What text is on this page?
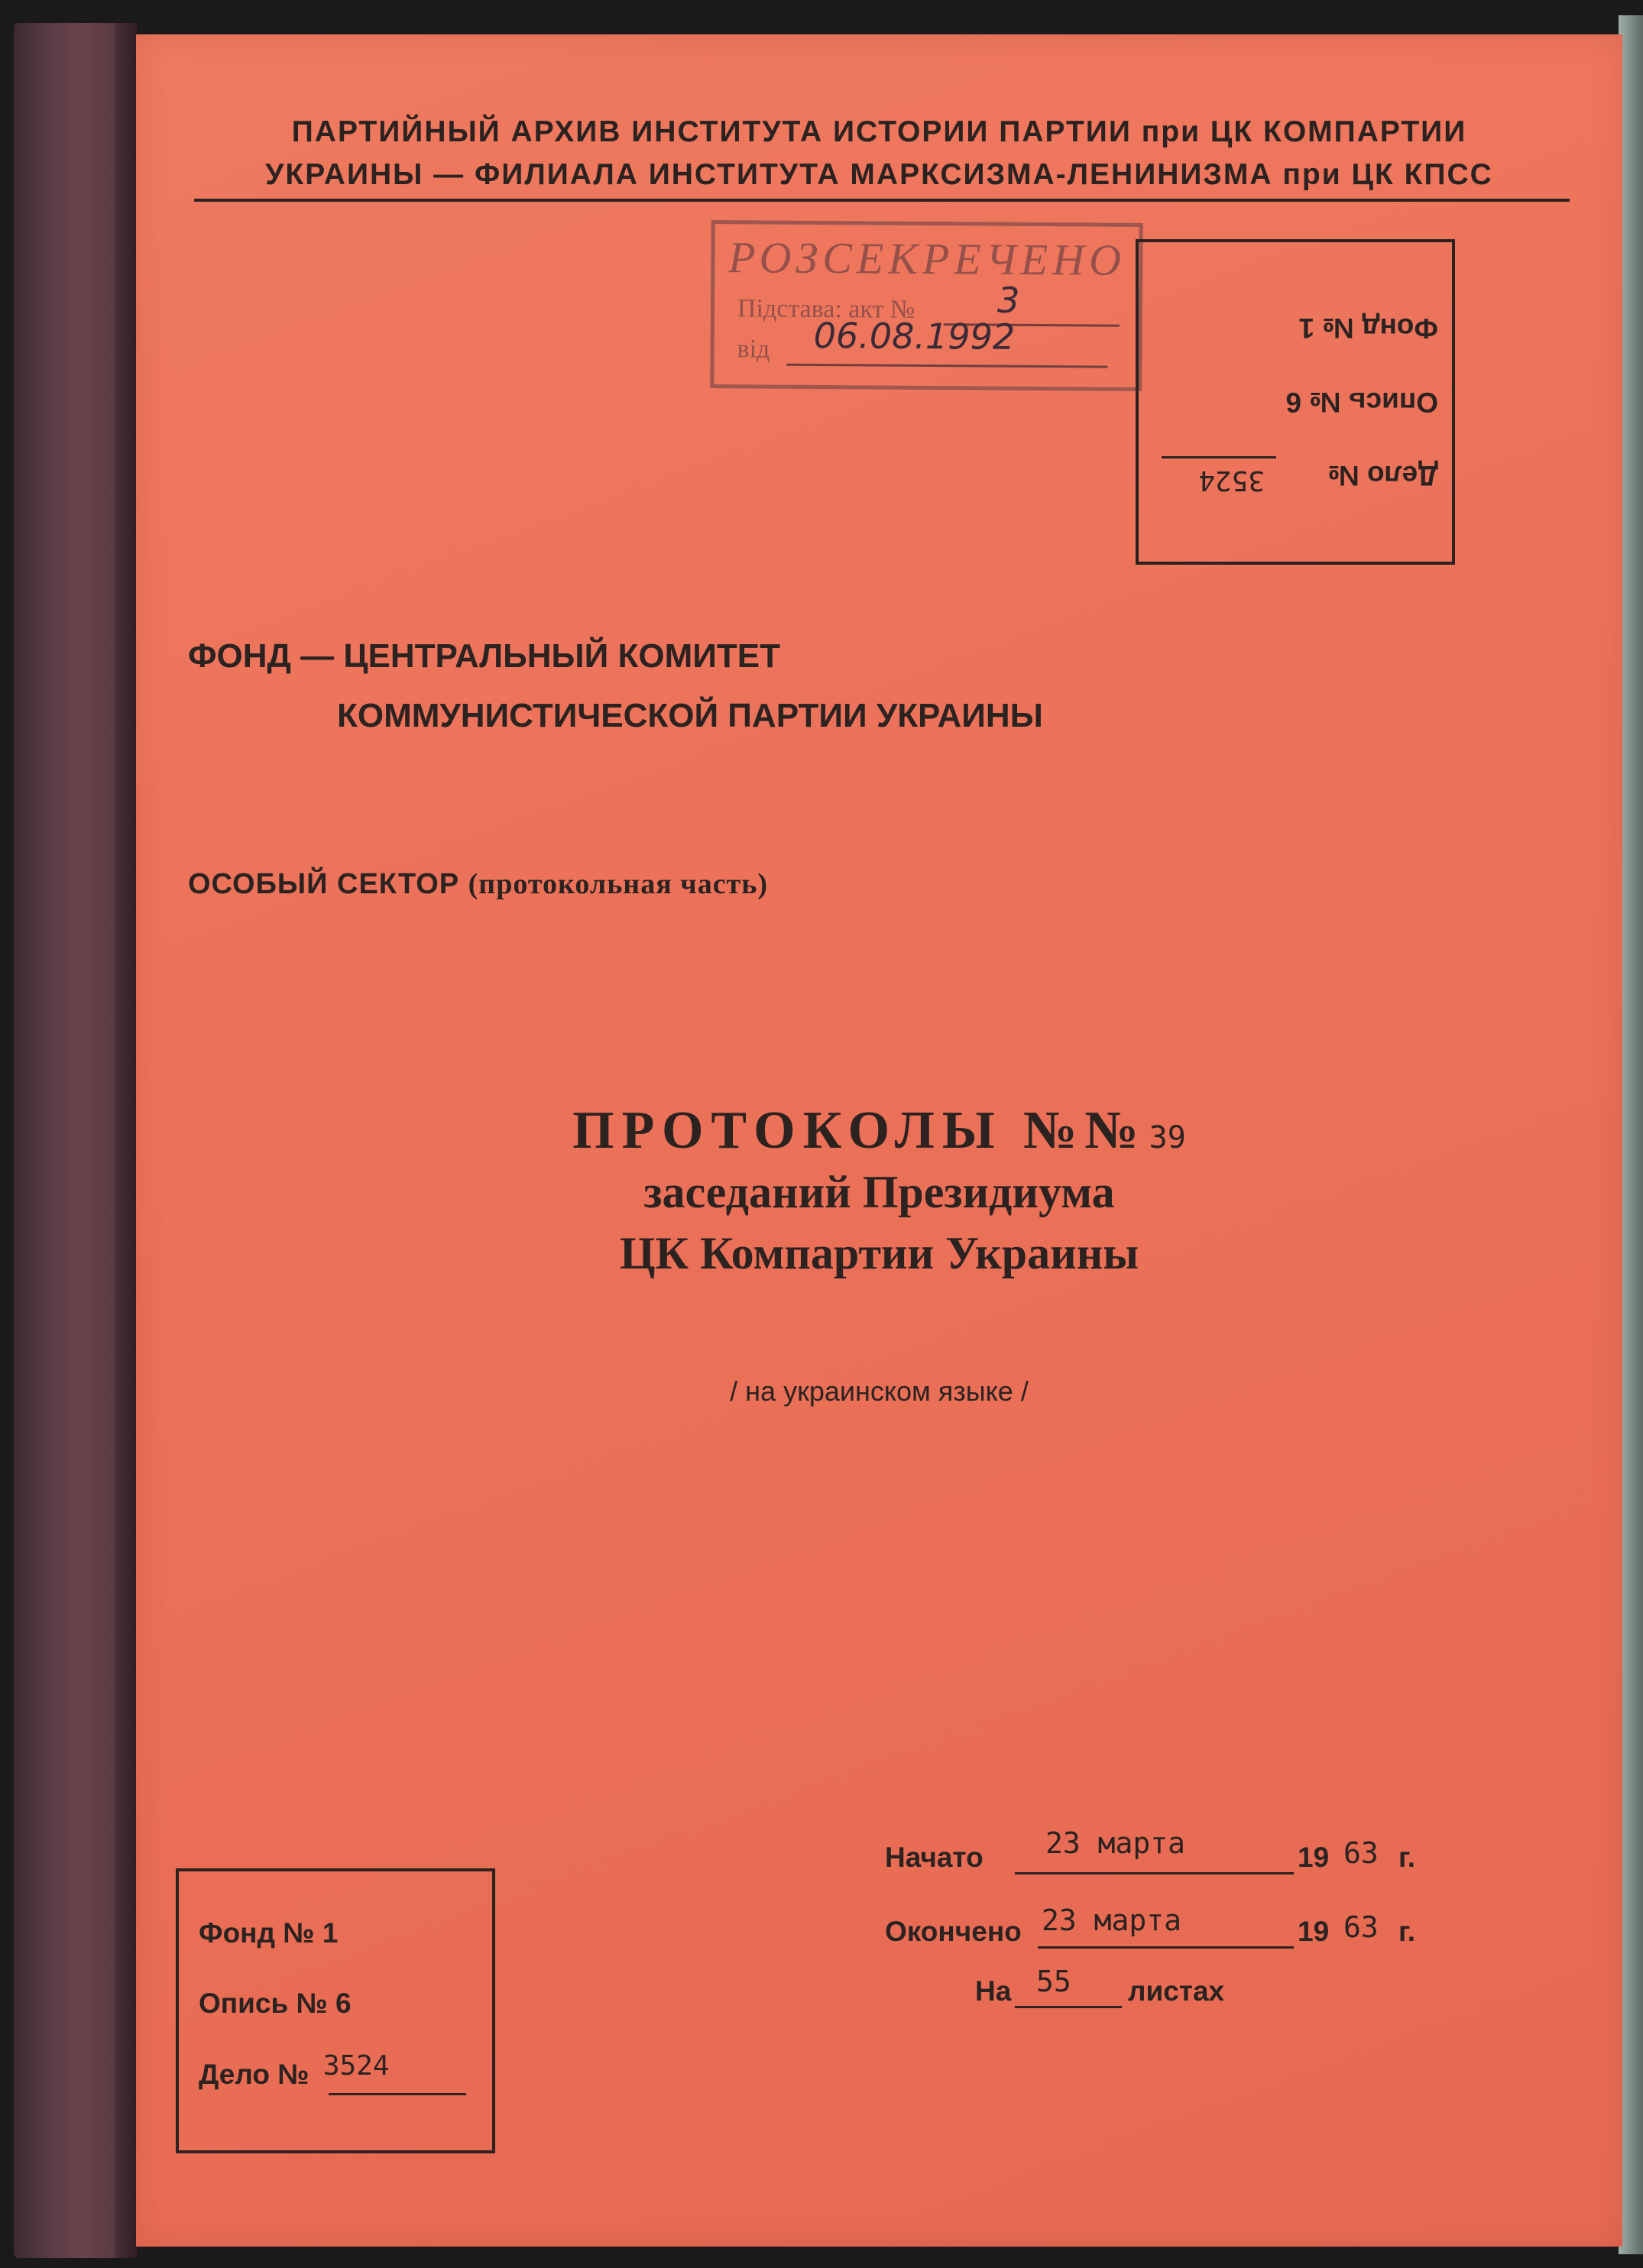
ПАРТИЙНЫЙ АРХИВ ИНСТИТУТА ИСТОРИИ ПАРТИИ при ЦК КОМПАРТИИ
УКРАИНЫ — ФИЛИАЛА ИНСТИТУТА МАРКСИЗМА-ЛЕНИНИЗМА при ЦК КПСС
РОЗСЕКРЕЧЕНО
Підстава: акт № 3
від 06.08.1992	Фонд № 1
Опись № 6
Дело №
3524
ФОНД — ЦЕНТРАЛЬНЫЙ КОМИТЕТ
КОММУНИСТИЧЕСКОЙ ПАРТИИ УКРАИНЫ
ОСОБЫЙ СЕКТОР (протокольная часть)
ПРОТОКОЛЫ №№ 39
заседаний Президиума
ЦК Компартии Украины
/ на украинском языке /
Фонд № 1
Опись № 6
Дело № 3524
Начато 23 марта	19 63 г.
Окончено 23 марта	19 63 г.
На 55 листах
